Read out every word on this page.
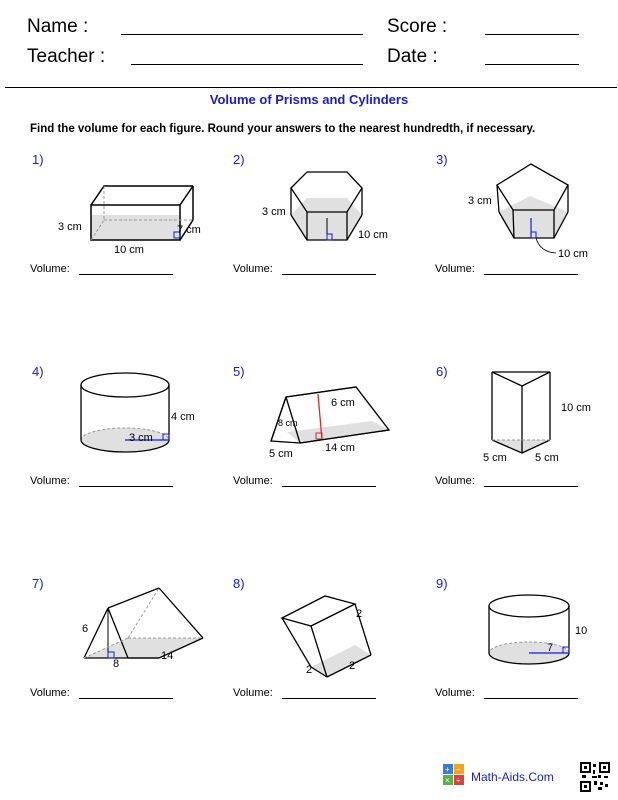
Name :	Score :
Teacher :	Date :
Volume of Prisms and Cylinders
Find the volume for each figure. Round your answers to the nearest hundredth, if necessary.
1)	2)	3)
4)	5)	6)
7)	8)	9)
Volume:	Volume:	Volume:
Volume:	Volume:	Volume:
Volume:	Volume:	Volume:
3 cm	7 cm
10 cm
3 cm
10 cm
3 cm
10 cm
4 cm
3 cm
6 cm
8 cm
5 cm	14 cm
10 cm
5 cm	5 cm
6
8
14
2
2	2
10
7
+ −
× ÷ Math-Aids.Com
